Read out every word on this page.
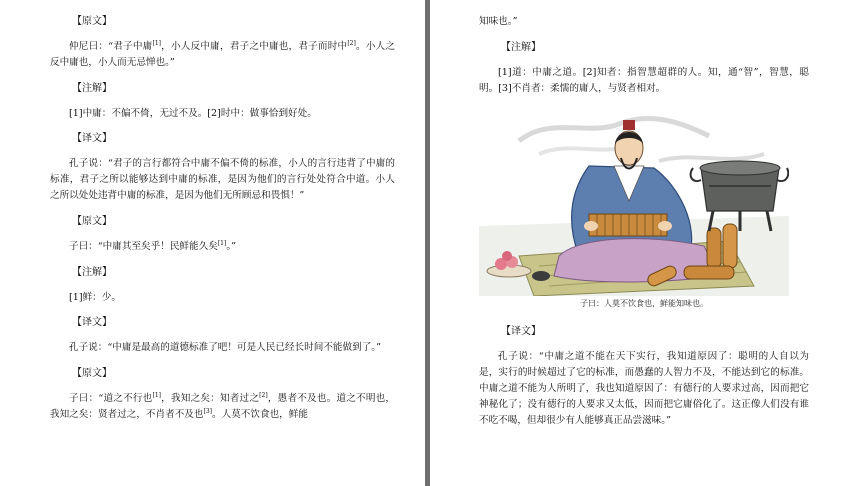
【原文】

仲尼曰：“君子中庸[1]，小人反中庸，君子之中庸也，君子而时中[2]。小人之反中庸也，小人而无忌惮也。”

【注解】

[1]中庸：不偏不倚，无过不及。[2]时中：做事恰到好处。

【译文】

孔子说：“君子的言行都符合中庸不偏不倚的标准，小人的言行违背了中庸的标准，君子之所以能够达到中庸的标准，是因为他们的言行处处符合中道。小人之所以处处违背中庸的标准，是因为他们无所顾忌和畏惧！”

【原文】

子曰：“中庸其至矣乎！民鲜能久矣[1]。”

【注解】

[1]鲜：少。

【译文】

孔子说：“中庸是最高的道德标准了吧！可是人民已经长时间不能做到了。”

【原文】

子曰：“道之不行也[1]，我知之矣：知者过之[2]，愚者不及也。道之不明也，我知之矣：贤者过之，不肖者不及也[3]。人莫不饮食也，鲜能

知味也。”

【注解】

[1]道：中庸之道。[2]知者：指智慧超群的人。知，通“智”，智慧，聪明。[3]不肖者：柔懦的庸人，与贤者相对。

子曰：人莫不饮食也，鲜能知味也。
【译文】

孔子说：“中庸之道不能在天下实行，我知道原因了：聪明的人自以为是，实行的时候超过了它的标准，而愚蠢的人智力不及，不能达到它的标准。中庸之道不能为人所明了，我也知道原因了：有德行的人要求过高，因而把它神秘化了；没有德行的人要求又太低，因而把它庸俗化了。这正像人们没有谁不吃不喝，但却很少有人能够真正品尝滋味。”
